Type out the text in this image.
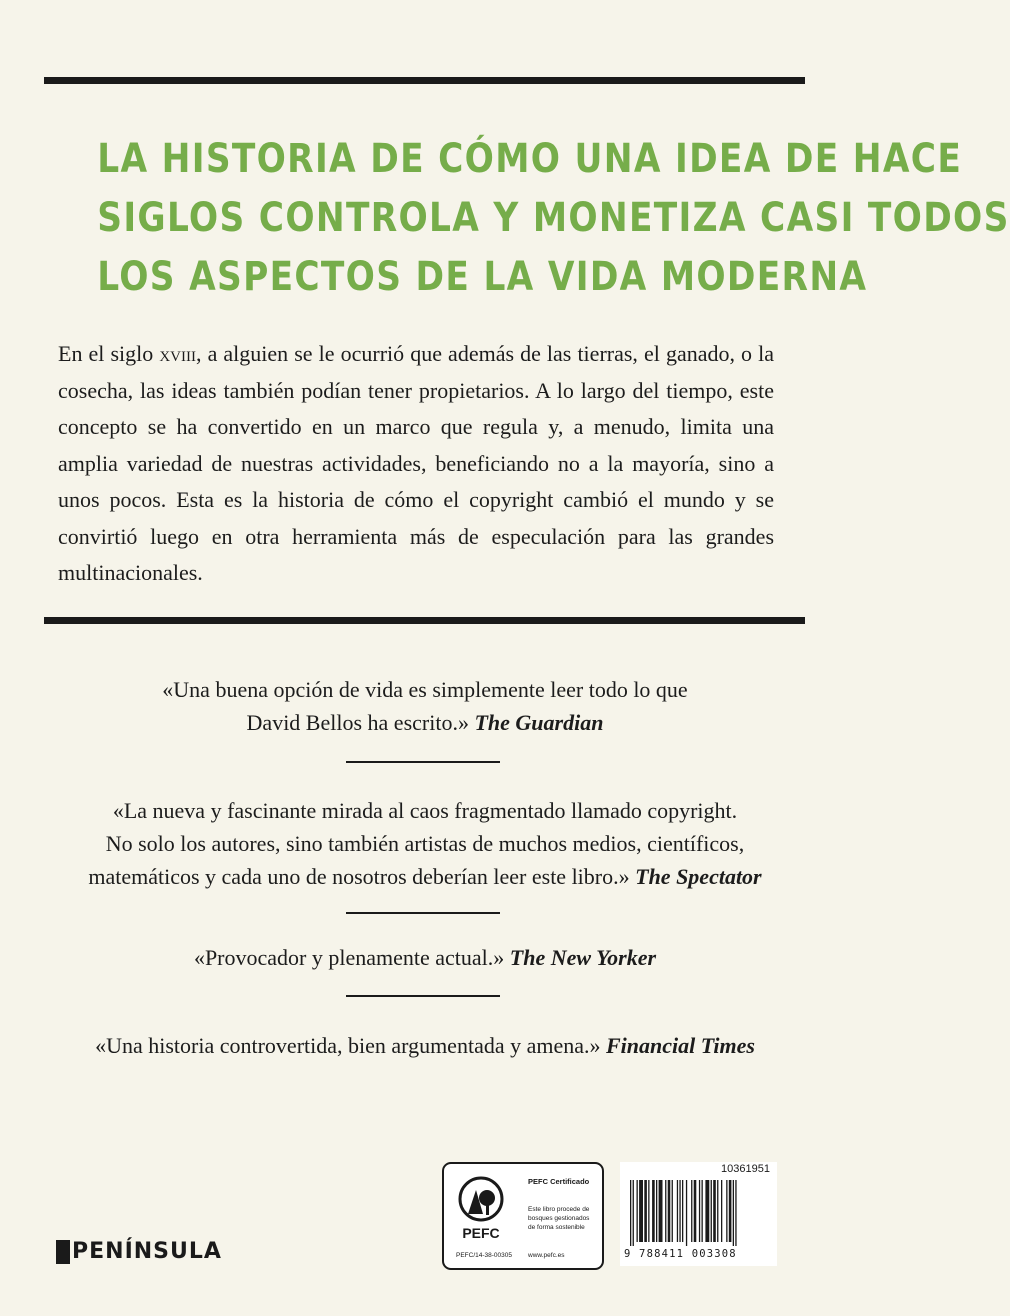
LA HISTORIA DE CÓMO UNA IDEA DE HACE
SIGLOS CONTROLA Y MONETIZA CASI TODOS
LOS ASPECTOS DE LA VIDA MODERNA

En el siglo xviii, a alguien se le ocurrió que además de las tierras, el ganado, o la cosecha, las ideas también podían tener propietarios. A lo largo del tiempo, este concepto se ha convertido en un marco que regula y, a menudo, limita una amplia variedad de nuestras actividades, beneficiando no a la mayoría, sino a unos pocos. Esta es la historia de cómo el copyright cambió el mundo y se convirtió luego en otra herramienta más de especulación para las grandes multinacionales.

«Una buena opción de vida es simplemente leer todo lo que
David Bellos ha escrito.» The Guardian
«La nueva y fascinante mirada al caos fragmentado llamado copyright.
No solo los autores, sino también artistas de muchos medios, científicos,
matemáticos y cada uno de nosotros deberían leer este libro.» The Spectator
«Provocador y plenamente actual.» The New Yorker
«Una historia controvertida, bien argumentada y amena.» Financial Times
PENÍNSULA
PEFC
PEFC Certificado
Este libro procede de bosques gestionados de forma sostenible
PEFC/14-38-00305 www.pefc.es
10361951
9 788411 003308
